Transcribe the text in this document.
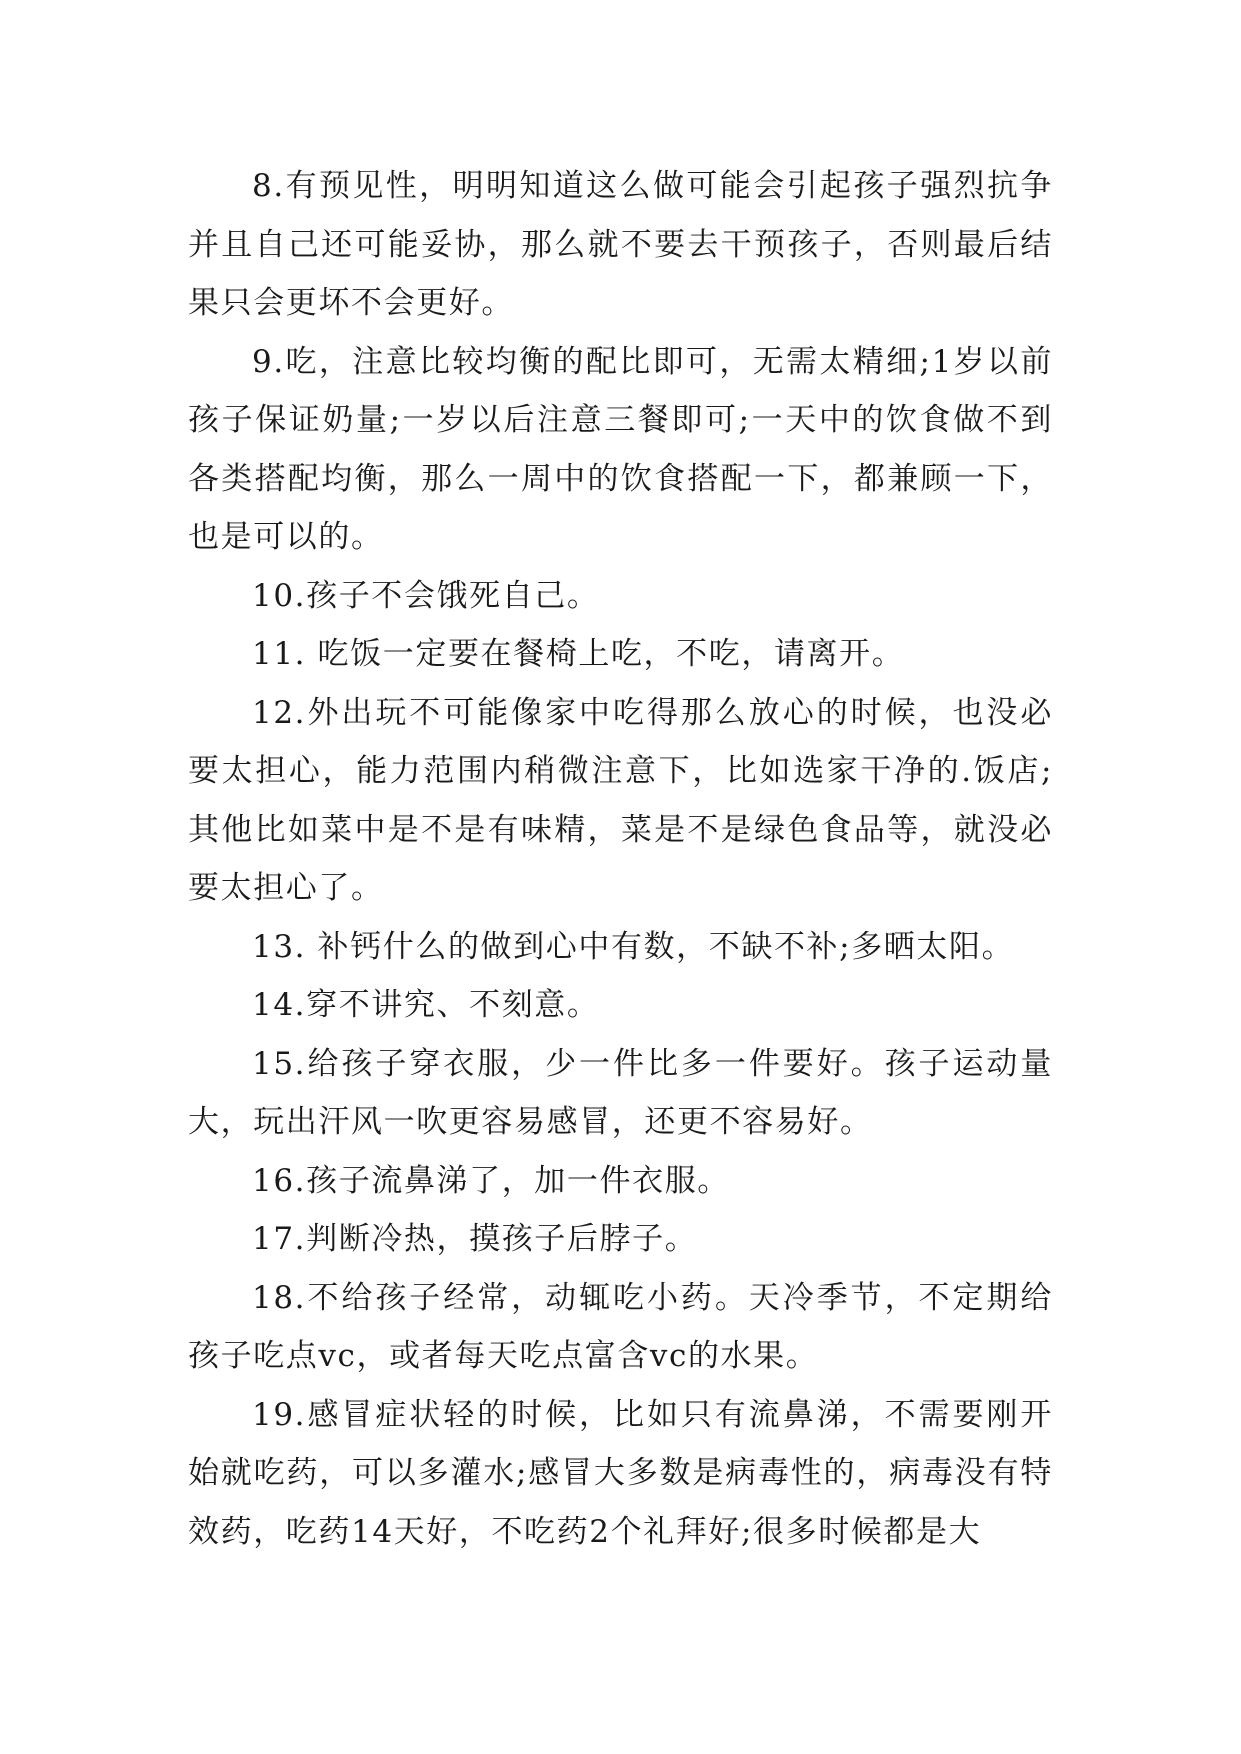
8.有预见性，明明知道这么做可能会引起孩子强烈抗争并且自己还可能妥协，那么就不要去干预孩子，否则最后结果只会更坏不会更好。

9.吃，注意比较均衡的配比即可，无需太精细;1岁以前孩子保证奶量;一岁以后注意三餐即可;一天中的饮食做不到各类搭配均衡，那么一周中的饮食搭配一下，都兼顾一下，也是可以的。

10.孩子不会饿死自己。

11. 吃饭一定要在餐椅上吃，不吃，请离开。

12.外出玩不可能像家中吃得那么放心的时候，也没必要太担心，能力范围内稍微注意下，比如选家干净的.饭店;其他比如菜中是不是有味精，菜是不是绿色食品等，就没必要太担心了。

13. 补钙什么的做到心中有数，不缺不补;多晒太阳。

14.穿不讲究、不刻意。

15.给孩子穿衣服，少一件比多一件要好。孩子运动量大，玩出汗风一吹更容易感冒，还更不容易好。

16.孩子流鼻涕了，加一件衣服。

17.判断冷热，摸孩子后脖子。

18.不给孩子经常，动辄吃小药。天冷季节，不定期给孩子吃点vc，或者每天吃点富含vc的水果。

19.感冒症状轻的时候，比如只有流鼻涕，不需要刚开始就吃药，可以多灌水;感冒大多数是病毒性的，病毒没有特效药，吃药14天好，不吃药2个礼拜好;很多时候都是大
